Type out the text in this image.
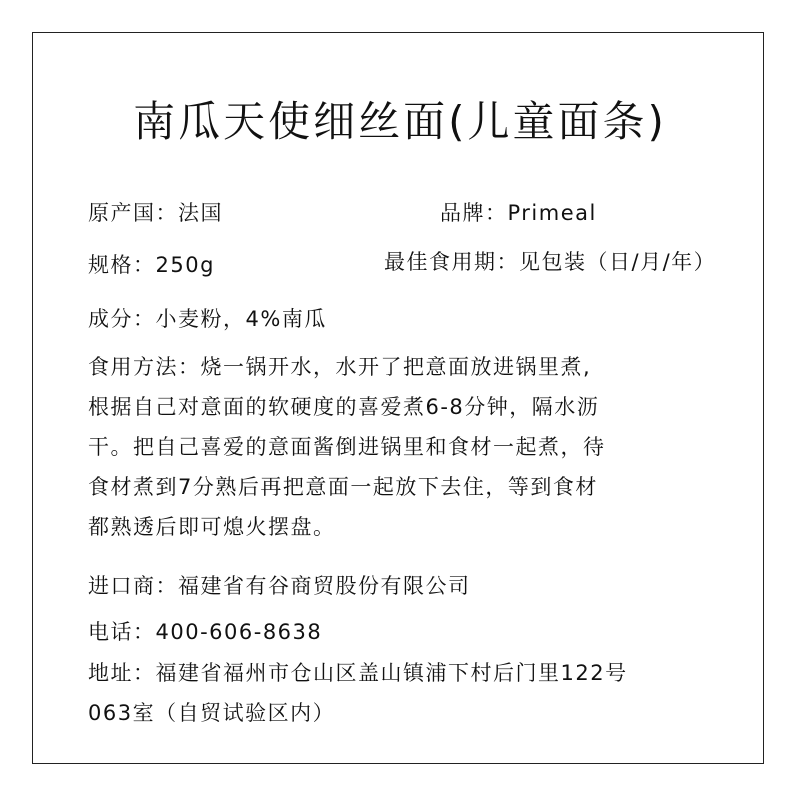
南瓜天使细丝面(儿童面条)
原产国：法国	品牌：Primeal
规格：250g	最佳食用期：见包装（日/月/年）
成分：小麦粉，4%南瓜
食用方法：烧一锅开水，水开了把意面放进锅里煮,
根据自己对意面的软硬度的喜爱煮6-8分钟，隔水沥
干。把自己喜爱的意面酱倒进锅里和食材一起煮，待
食材煮到7分熟后再把意面一起放下去住，等到食材
都熟透后即可熄火摆盘。
进口商：福建省有谷商贸股份有限公司
电话：400-606-8638
地址：福建省福州市仓山区盖山镇浦下村后门里122号
063室（自贸试验区内）
